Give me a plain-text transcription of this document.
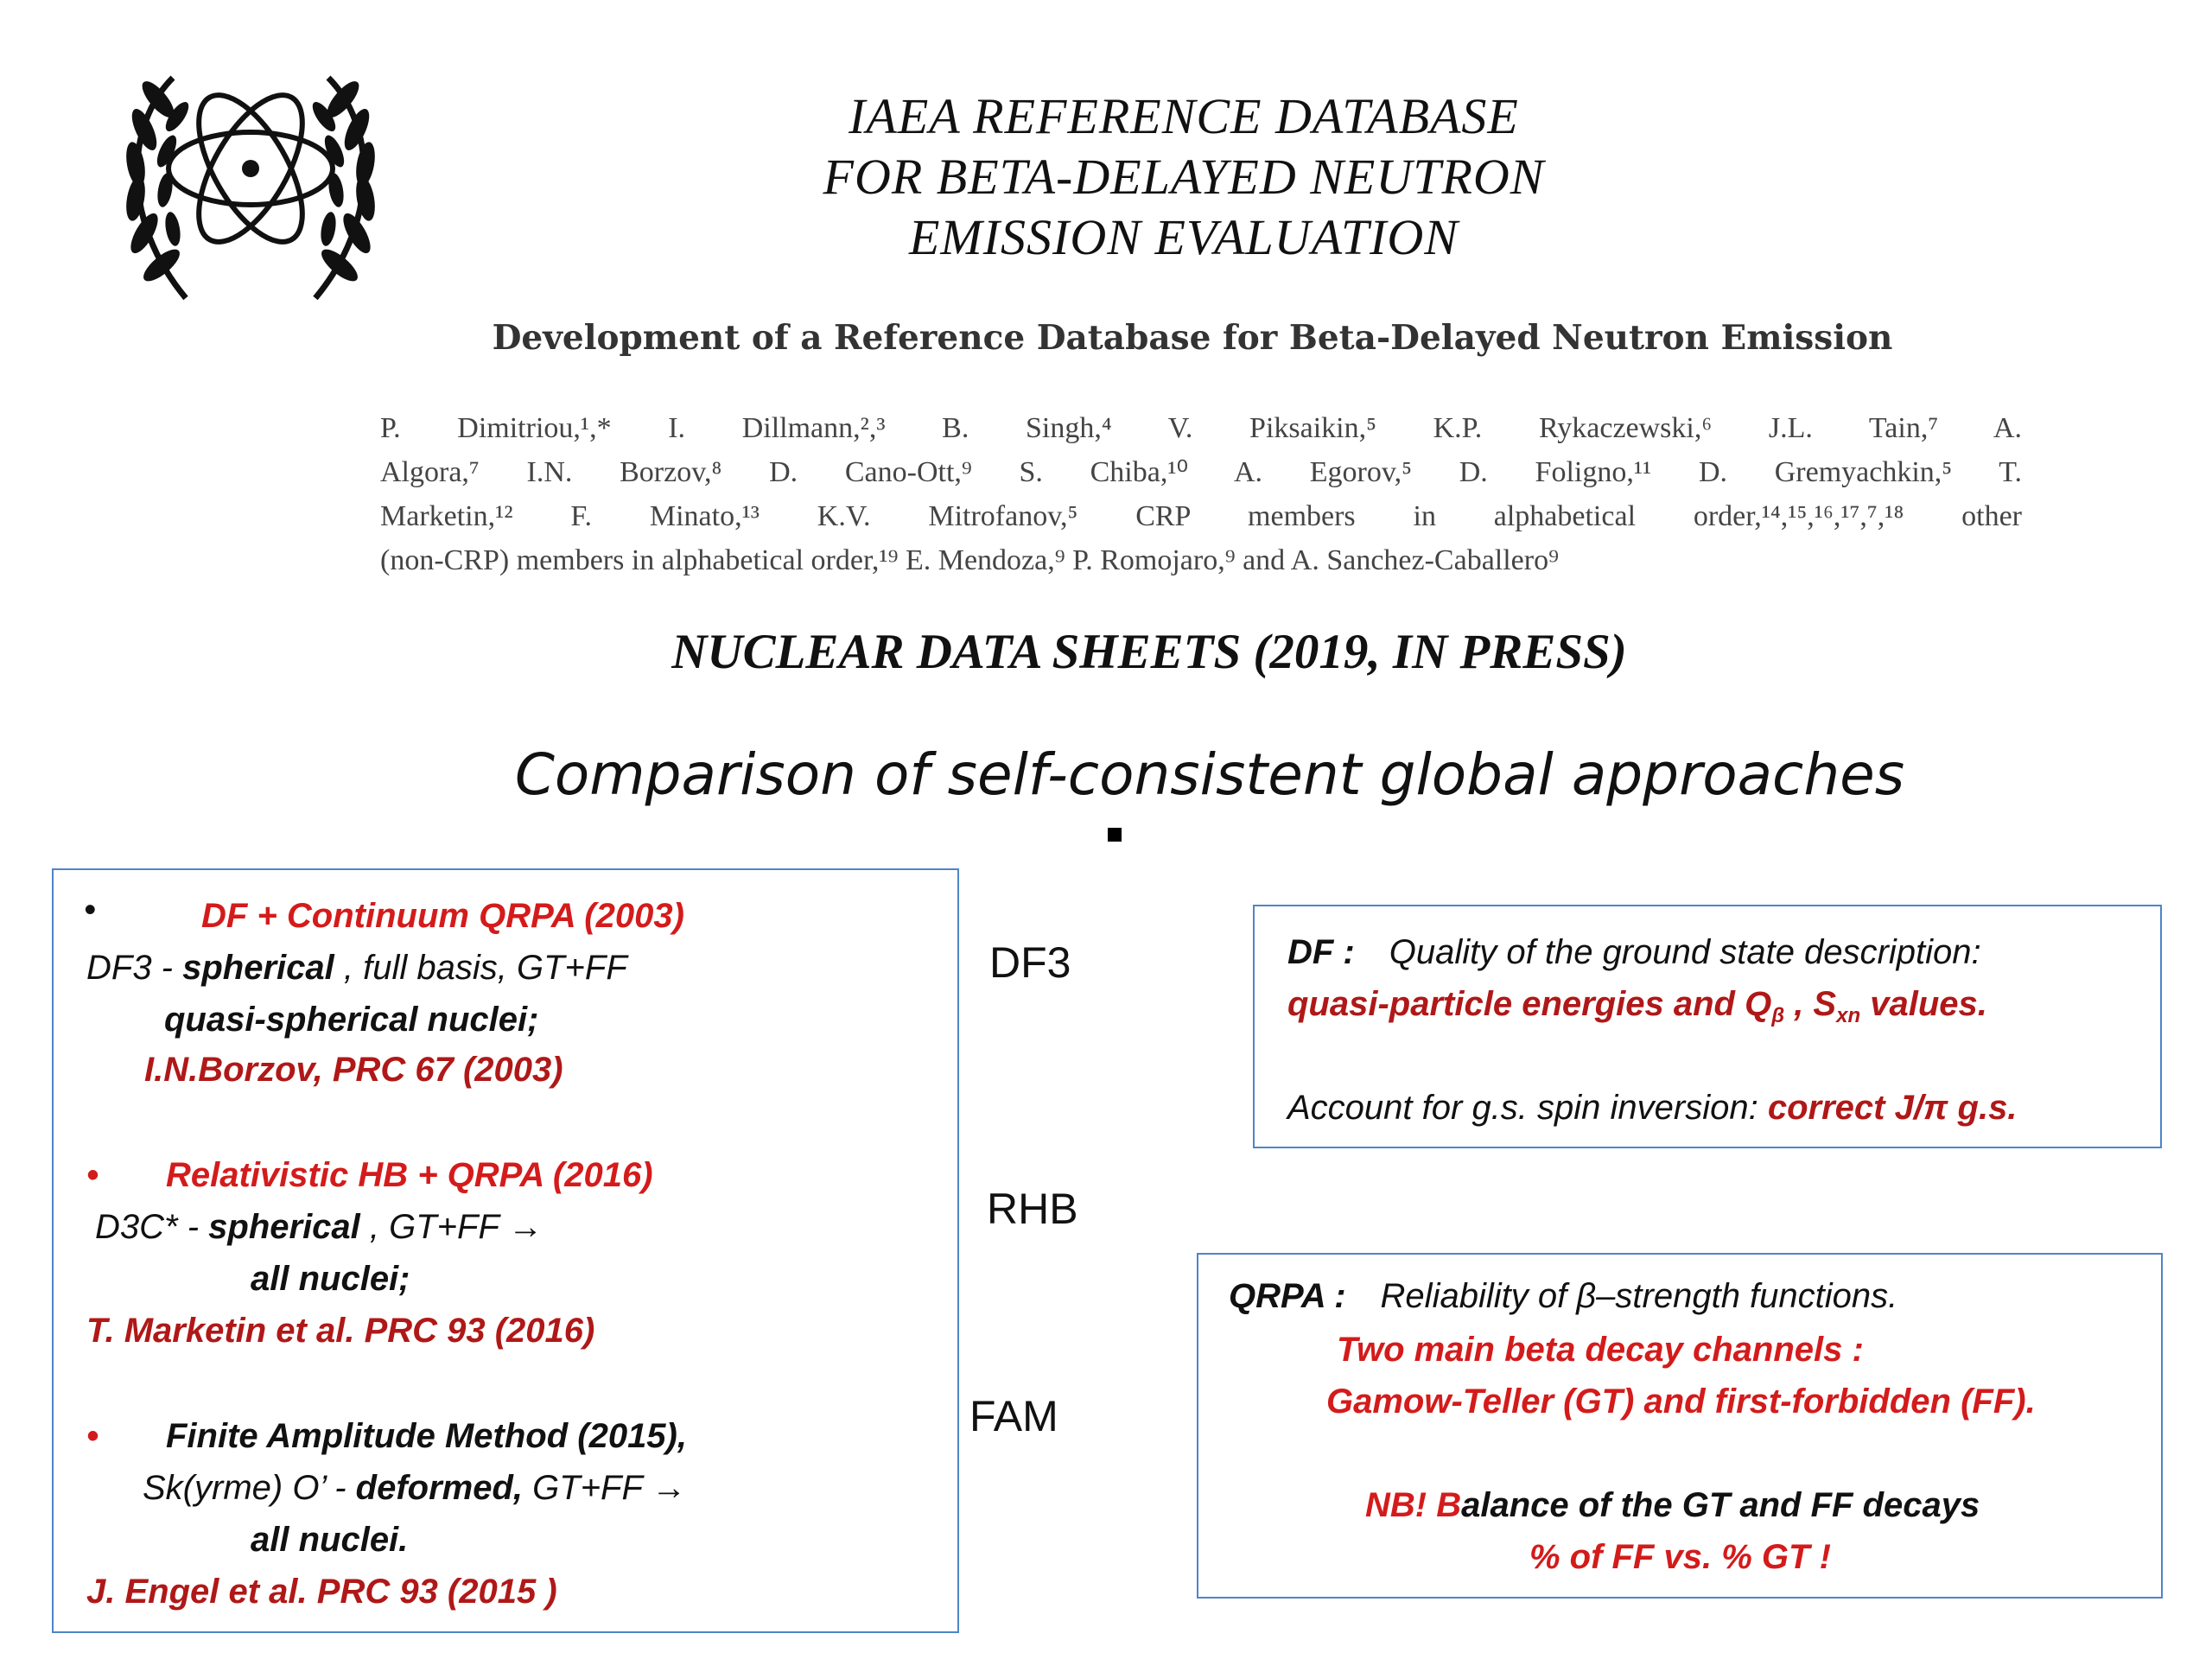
IAEA REFERENCE DATABASE
FOR BETA-DELAYED NEUTRON
EMISSION EVALUATION
Development of a Reference Database for Beta-Delayed Neutron Emission
P. Dimitriou,¹,* I. Dillmann,²,³ B. Singh,⁴ V. Piksaikin,⁵ K.P. Rykaczewski,⁶ J.L. Tain,⁷ A.
Algora,⁷ I.N. Borzov,⁸ D. Cano-Ott,⁹ S. Chiba,¹⁰ A. Egorov,⁵ D. Foligno,¹¹ D. Gremyachkin,⁵ T.
Marketin,¹² F. Minato,¹³ K.V. Mitrofanov,⁵ CRP members in alphabetical order,¹⁴,¹⁵,¹⁶,¹⁷,⁷,¹⁸ other
(non-CRP) members in alphabetical order,¹⁹ E. Mendoza,⁹ P. Romojaro,⁹ and A. Sanchez-Caballero⁹
NUCLEAR DATA SHEETS (2019, IN PRESS)
Comparison of self-consistent global approaches
•	DF + Continuum QRPA (2003)
DF3 - spherical , full basis, GT+FF
quasi-spherical nuclei;
I.N.Borzov, PRC 67 (2003)
• Relativistic HB + QRPA (2016)
D3C* - spherical , GT+FF →
all nuclei;
T. Marketin et al. PRC 93 (2016)
• Finite Amplitude Method (2015),
Sk(yrme) O’ - deformed, GT+FF →
all nuclei.
J. Engel et al. PRC 93 (2015 )
DF3
RHB
FAM
DF : Quality of the ground state description:
quasi-particle energies and $Q_\beta$ , $S_{xn}$ values.
Account for g.s. spin inversion: correct J/π g.s.
QRPA : Reliability of β–strength functions.
Two main beta decay channels :
Gamow-Teller (GT) and first-forbidden (FF).
NB! Balance of the GT and FF decays
% of FF vs. % GT !
